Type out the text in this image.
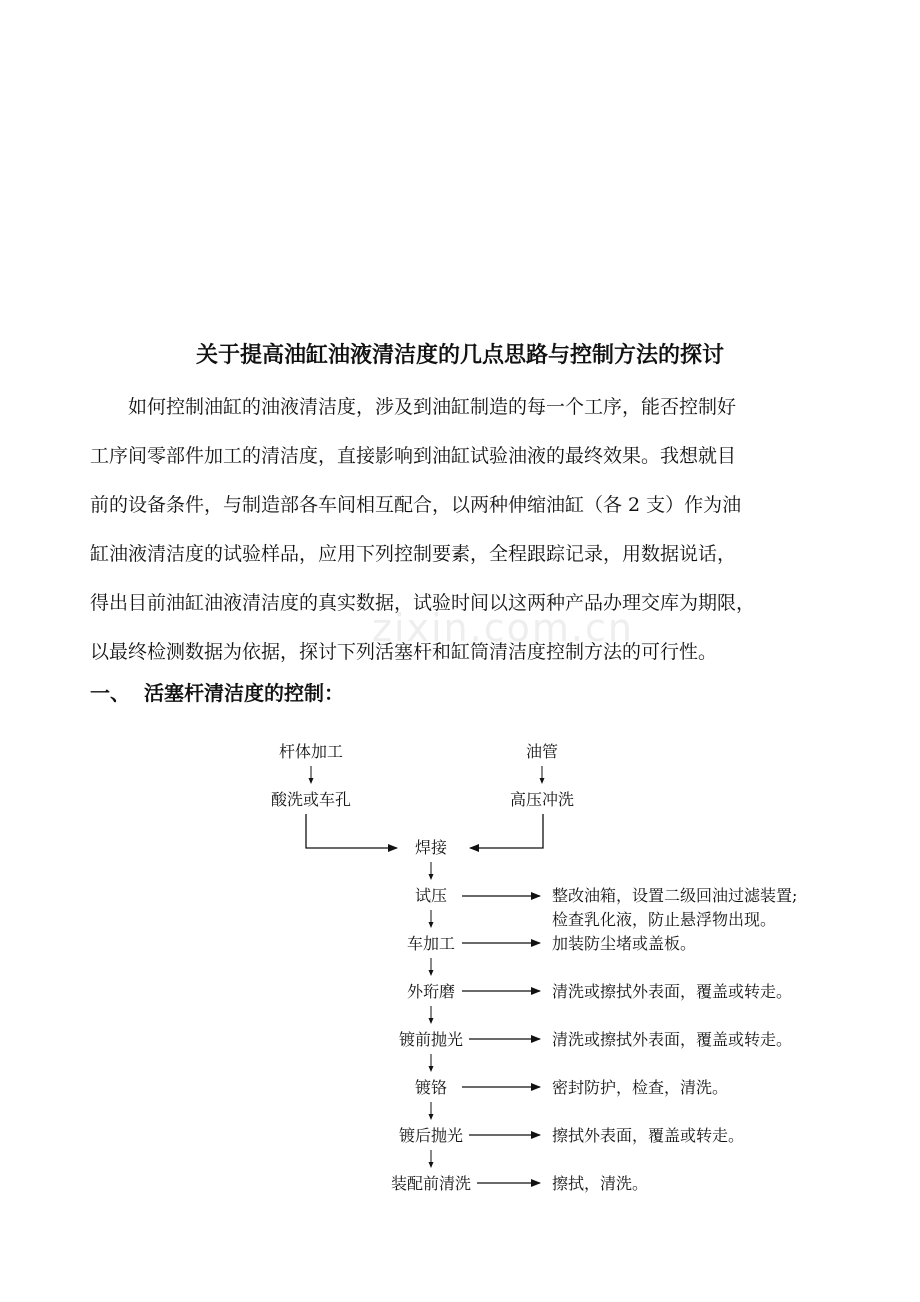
关于提高油缸油液清洁度的几点思路与控制方法的探讨
如何控制油缸的油液清洁度，涉及到油缸制造的每一个工序，能否控制好
工序间零部件加工的清洁度，直接影响到油缸试验油液的最终效果。我想就目
前的设备条件，与制造部各车间相互配合，以两种伸缩油缸（各 2 支）作为油
缸油液清洁度的试验样品，应用下列控制要素，全程跟踪记录，用数据说话，
得出目前油缸油液清洁度的真实数据，试验时间以这两种产品办理交库为期限，
以最终检测数据为依据，探讨下列活塞杆和缸筒清洁度控制方法的可行性。
zixin.com.cn
一、 活塞杆清洁度的控制：
杆体加工
酸洗或车孔
油管
高压冲洗
焊接
试压	整改油箱，设置二级回油过滤装置;
检查乳化液，防止悬浮物出现。
车加工	加装防尘堵或盖板。
外珩磨	清洗或擦拭外表面，覆盖或转走。
镀前抛光	清洗或擦拭外表面，覆盖或转走。
镀铬	密封防护，检查，清洗。
镀后抛光	擦拭外表面，覆盖或转走。
装配前清洗	擦拭，清洗。
